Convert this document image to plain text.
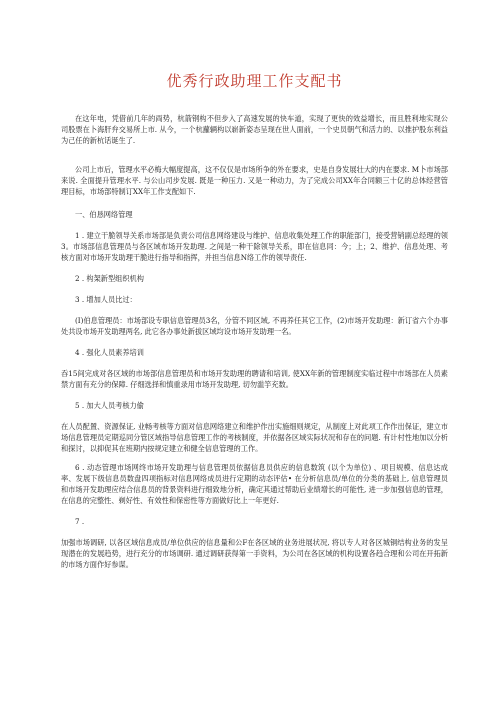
优秀行政助理工作支配书

在这年电，凭借前几年的両势，杭箭钢构不但步入了高速发展的快车道，实现了更快的效益增长，而且胜利地实现公司股票在卜海肝弁交易所上市. 从今，一个杭蘿辆构以崭新姿态呈现在世人面前，一个史员朝气和活力的、以推护股东利益为己任的新杭话诞生了.

公司上市后，管理水平必梅大幅度提高，这不仅仅是市场所争的外在要求，史是自身发展壮大的内在要求. M卜市场部来说. 全面提升管理水平. 与公山司步发展. 既是一种压力. 又是一种动力，为了完成公司XX年合同额三十亿的总体经营管理目标，市场部特制订XX年工作支配如下.

一、伯恳网络管理

1 . 建立干脆领导关系市场部是负责公司信息网络建设与维护、信息收集处理工作的职能部门，接受营销副总经理的领3。市场部信息管理员与各区域布场开发助理. 之间是一种干除领导关系，即在信息同：今；上；2、维护、信息处理、考核方面对市场开发助理干脆进行指导和指挥，并担当信息N络工作的领导责任.

2 . 构架新型组织机构
3 . 增加人员比过：

(I)伯息管理员：市场部设专职信息管理员3名，分管不同区域, 不再养任其它工作，(2)市场开发助理：新订省六个办事处共设市场开发助理两名, 此它各办事处新拔区域均设市场开发助理一名。

4 . 强化人员素养培训

吞15间完成对各区域的市场部信息管理员和市场开发助理的聘请和培训, 使XX年新的管理制度实临过程中市场部在人员素禁方面有充分的保障. 仔细选择和慎重录用市场开发助理, 切勿滥竽充数。

5 . 加大人员考核力偷

在人员配置、资源保证, 业畅考核等方面对信息网络建立和维护作出实施细则规定，从制度上对此项工作作出保证，建立市场信息管理员定期巡同分管区域指导信息管理工作的考核制度，并依据各区域实际状况和存在的问题. 有计村性地加以分析和探讨，以抑促其在班期内按规定建立和健全信息管理的工作。

6 . 动态管理市场网终市场开发助理与信息管理员依据信息员供应的信息数筑 (以个为单位) 、项目规模、信息达成率、发展下级信息员数盘四项指标对信息网络成员进行定期的动态评估• 在分析信息员/单位的分类的基础上, 信息管理员和市场开发助理应结合信息员的背景资料进行细致地分析，确定其通过帮助后业绩增长的可能性, 进一步加强信息的管理，在信息的完整性、剃好性、有效性和保密性等方面做好比上一年更好.

7 .

加强市场调研, 以各区域信息成员/单位供应的信息量和公F在各区域的业务进展状况, 将以专人对各区城铜结构业务的发呈现潜在的发展趋势，进行充分的市场调研. 通过调研获得第一手资料，为公司在各区域的机构设置各趋合理和公司在开拓新的市场方面作好参谋。
